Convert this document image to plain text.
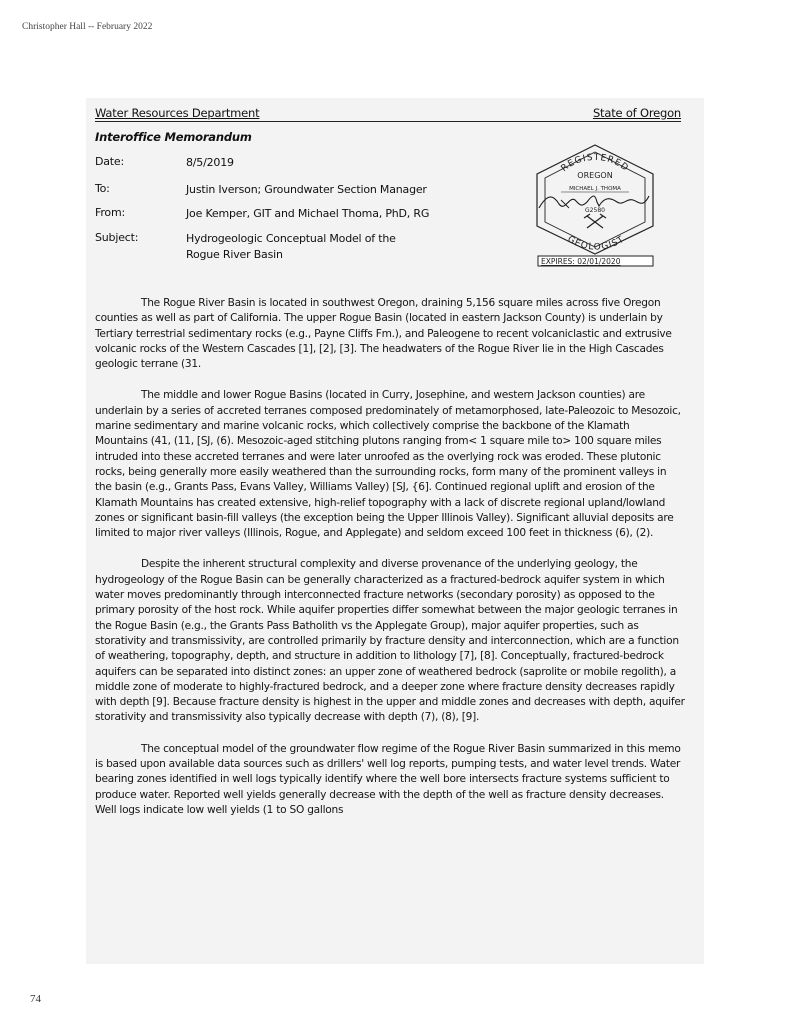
Christopher Hall -- February 2022
Water Resources Department	State of Oregon
Interoffice Memorandum
Date:	8/5/2019
To:	Justin Iverson; Groundwater Section Manager
From:	Joe Kemper, GIT and Michael Thoma, PhD, RG
Subject:	Hydrogeologic Conceptual Model of the Rogue River Basin
REGISTERED
OREGON
MICHAEL J. THOMA
G2580
GEOLOGIST
EXPIRES: 02/01/2020

The Rogue River Basin is located in southwest Oregon, draining 5,156 square miles across five Oregon counties as well as part of California. The upper Rogue Basin (located in eastern Jackson County) is underlain by Tertiary terrestrial sedimentary rocks (e.g., Payne Cliffs Fm.), and Paleogene to recent volcaniclastic and extrusive volcanic rocks of the Western Cascades [1], [2], [3]. The headwaters of the Rogue River lie in the High Cascades geologic terrane (31.

The middle and lower Rogue Basins (located in Curry, Josephine, and western Jackson counties) are underlain by a series of accreted terranes composed predominately of metamorphosed, late-Paleozoic to Mesozoic, marine sedimentary and marine volcanic rocks, which collectively comprise the backbone of the Klamath Mountains (41, (11, [SJ, (6). Mesozoic-aged stitching plutons ranging from< 1 square mile to> 100 square miles intruded into these accreted terranes and were later unroofed as the overlying rock was eroded. These plutonic rocks, being generally more easily weathered than the surrounding rocks, form many of the prominent valleys in the basin (e.g., Grants Pass, Evans Valley, Williams Valley) [SJ, {6]. Continued regional uplift and erosion of the Klamath Mountains has created extensive, high-relief topography with a lack of discrete regional upland/lowland zones or significant basin-fill valleys (the exception being the Upper Illinois Valley). Significant alluvial deposits are limited to major river valleys (Illinois, Rogue, and Applegate) and seldom exceed 100 feet in thickness (6), (2).

Despite the inherent structural complexity and diverse provenance of the underlying geology, the hydrogeology of the Rogue Basin can be generally characterized as a fractured-bedrock aquifer system in which water moves predominantly through interconnected fracture networks (secondary porosity) as opposed to the primary porosity of the host rock. While aquifer properties differ somewhat between the major geologic terranes in the Rogue Basin (e.g., the Grants Pass Batholith vs the Applegate Group), major aquifer properties, such as storativity and transmissivity, are controlled primarily by fracture density and interconnection, which are a function of weathering, topography, depth, and structure in addition to lithology [7], [8]. Conceptually, fractured-bedrock aquifers can be separated into distinct zones: an upper zone of weathered bedrock (saprolite or mobile regolith), a middle zone of moderate to highly-fractured bedrock, and a deeper zone where fracture density decreases rapidly with depth [9]. Because fracture density is highest in the upper and middle zones and decreases with depth, aquifer storativity and transmissivity also typically decrease with depth (7), (8), [9].

The conceptual model of the groundwater flow regime of the Rogue River Basin summarized in this memo is based upon available data sources such as drillers' well log reports, pumping tests, and water level trends. Water bearing zones identified in well logs typically identify where the well bore intersects fracture systems sufficient to produce water. Reported well yields generally decrease with the depth of the well as fracture density decreases. Well logs indicate low well yields (1 to SO gallons

74
